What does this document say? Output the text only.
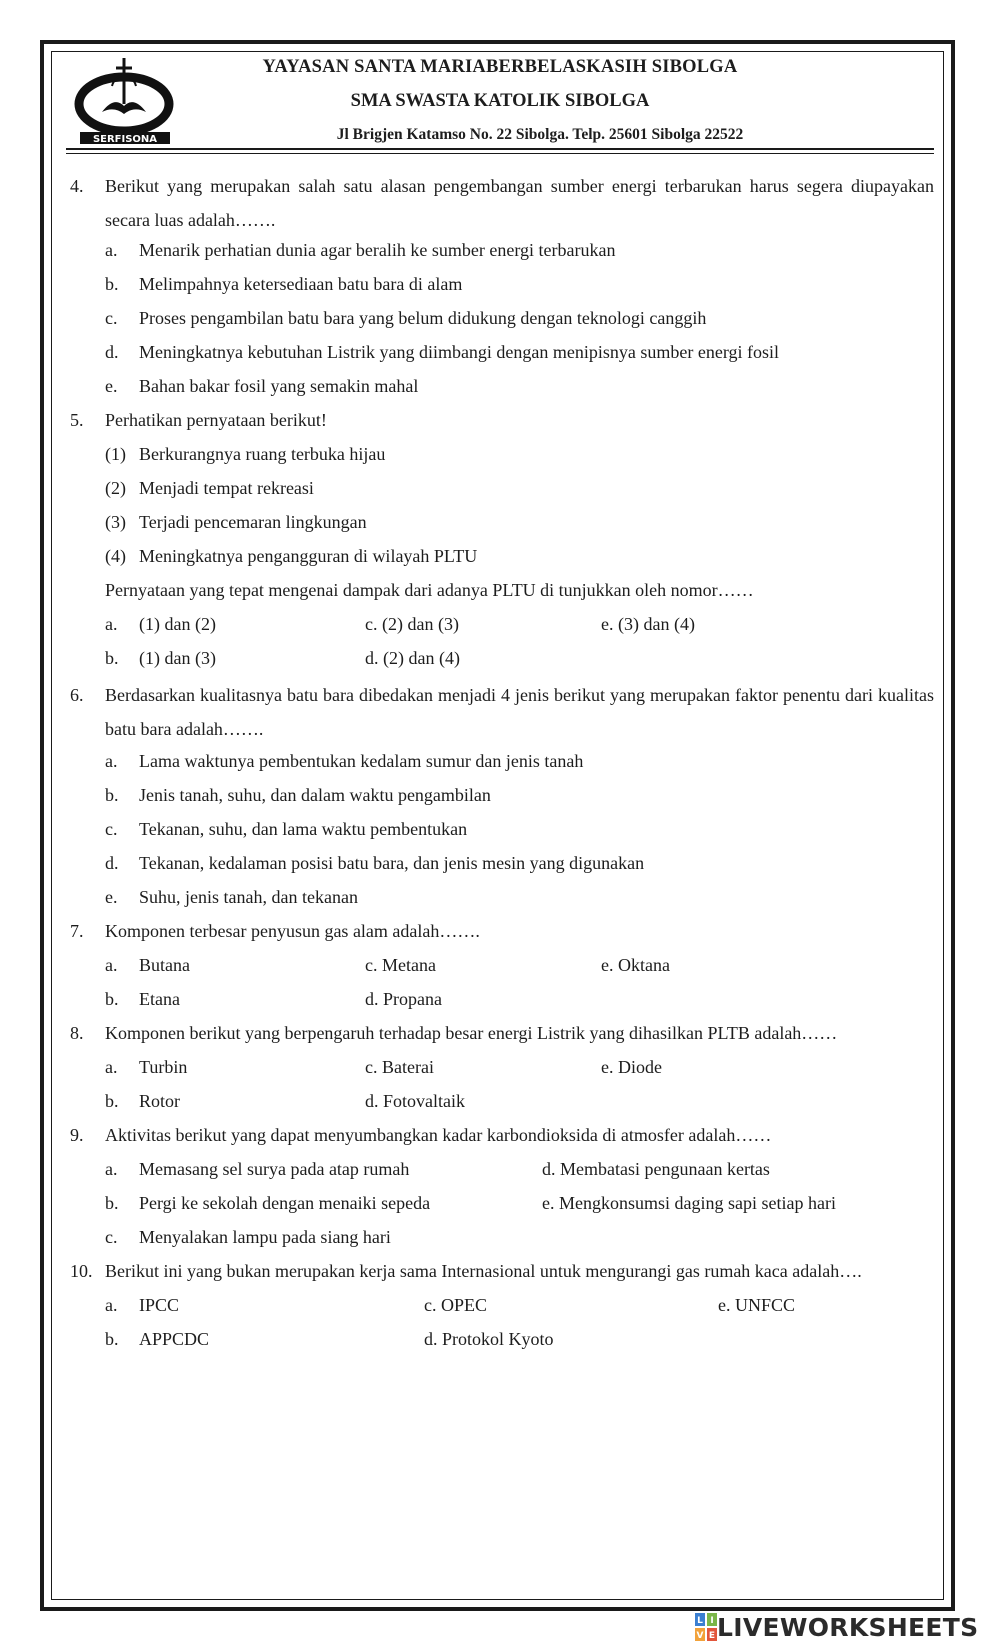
SERFISONA
YAYASAN SANTA MARIABERBELASKASIH SIBOLGA
SMA SWASTA KATOLIK SIBOLGA
Jl Brigjen Katamso No. 22 Sibolga. Telp. 25601 Sibolga 22522
4. Berikut yang merupakan salah satu alasan pengembangan sumber energi terbarukan harus segera diupayakan secara luas adalah…….
a. Menarik perhatian dunia agar beralih ke sumber energi terbarukan
b. Melimpahnya ketersediaan batu bara di alam
c. Proses pengambilan batu bara yang belum didukung dengan teknologi canggih
d. Meningkatnya kebutuhan Listrik yang diimbangi dengan menipisnya sumber energi fosil
e. Bahan bakar fosil yang semakin mahal
5. Perhatikan pernyataan berikut!
(1) Berkurangnya ruang terbuka hijau
(2) Menjadi tempat rekreasi
(3) Terjadi pencemaran lingkungan
(4) Meningkatnya pengangguran di wilayah PLTU
Pernyataan yang tepat mengenai dampak dari adanya PLTU di tunjukkan oleh nomor……
a. (1) dan (2)	c. (2) dan (3)	e. (3) dan (4)
b. (1) dan (3)	d. (2) dan (4)
6. Berdasarkan kualitasnya batu bara dibedakan menjadi 4 jenis berikut yang merupakan faktor penentu dari kualitas batu bara adalah…….
a. Lama waktunya pembentukan kedalam sumur dan jenis tanah
b. Jenis tanah, suhu, dan dalam waktu pengambilan
c. Tekanan, suhu, dan lama waktu pembentukan
d. Tekanan, kedalaman posisi batu bara, dan jenis mesin yang digunakan
e. Suhu, jenis tanah, dan tekanan
7. Komponen terbesar penyusun gas alam adalah…….
a. Butana	c. Metana	e. Oktana
b. Etana	d. Propana
8. Komponen berikut yang berpengaruh terhadap besar energi Listrik yang dihasilkan PLTB adalah……
a. Turbin	c. Baterai	e. Diode
b. Rotor	d. Fotovaltaik
9. Aktivitas berikut yang dapat menyumbangkan kadar karbondioksida di atmosfer adalah……
a. Memasang sel surya pada atap rumah	d. Membatasi pengunaan kertas
b. Pergi ke sekolah dengan menaiki sepeda	e. Mengkonsumsi daging sapi setiap hari
c. Menyalakan lampu pada siang hari
10. Berikut ini yang bukan merupakan kerja sama Internasional untuk mengurangi gas rumah kaca adalah….
a. IPCC	c. OPEC	e. UNFCC
b. APPCDC	d. Protokol Kyoto
L I
V E LIVEWORKSHEETS
